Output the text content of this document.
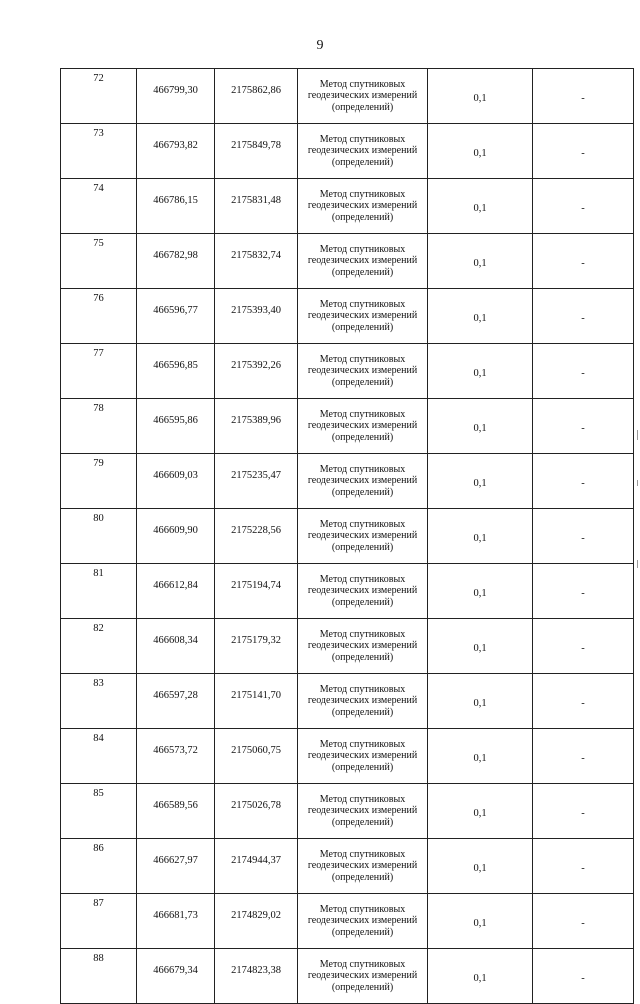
9
72	466799,30	2175862,86	Метод спутниковых геодезических измерений (определений)	0,1	-

73	466793,82	2175849,78	Метод спутниковых геодезических измерений (определений)	0,1	-

74	466786,15	2175831,48	Метод спутниковых геодезических измерений (определений)	0,1	-

75	466782,98	2175832,74	Метод спутниковых геодезических измерений (определений)	0,1	-

76	466596,77	2175393,40	Метод спутниковых геодезических измерений (определений)	0,1	-

77	466596,85	2175392,26	Метод спутниковых геодезических измерений (определений)	0,1	-

78	466595,86	2175389,96	Метод спутниковых геодезических измерений (определений)	0,1	-

79	466609,03	2175235,47	Метод спутниковых геодезических измерений (определений)	0,1	-

80	466609,90	2175228,56	Метод спутниковых геодезических измерений (определений)	0,1	-

81	466612,84	2175194,74	Метод спутниковых геодезических измерений (определений)	0,1	-

82	466608,34	2175179,32	Метод спутниковых геодезических измерений (определений)	0,1	-

83	466597,28	2175141,70	Метод спутниковых геодезических измерений (определений)	0,1	-

84	466573,72	2175060,75	Метод спутниковых геодезических измерений (определений)	0,1	-

85	466589,56	2175026,78	Метод спутниковых геодезических измерений (определений)	0,1	-

86	466627,97	2174944,37	Метод спутниковых геодезических измерений (определений)	0,1	-

87	466681,73	2174829,02	Метод спутниковых геодезических измерений (определений)	0,1	-

88	466679,34	2174823,38	Метод спутниковых геодезических измерений (определений)	0,1	-
